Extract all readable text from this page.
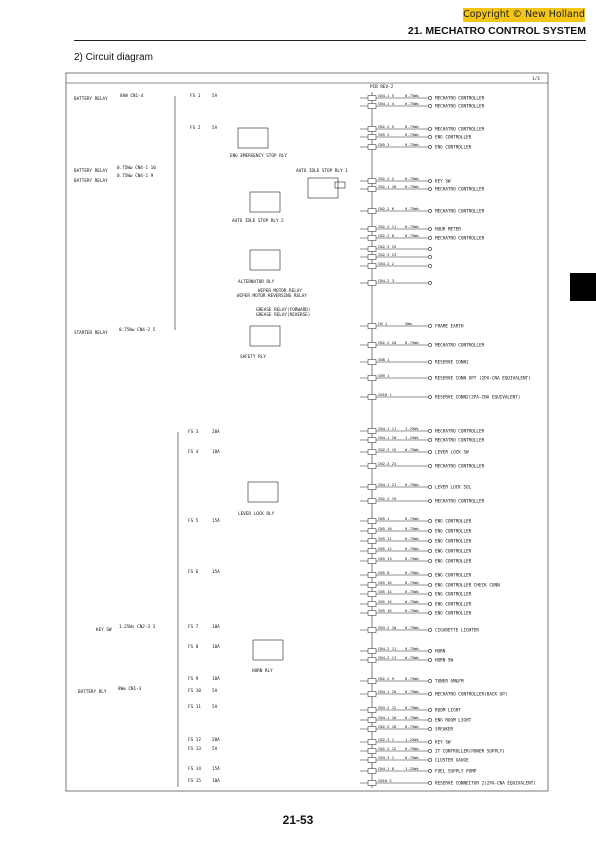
Copyright © New Holland
21. MECHATRO CONTROL SYSTEM
2) Circuit diagram
1/3
PCB REV-2
BATTERY RELAY
8AW CN1-4
BATTERY RELAY
0.75Ww CN4-1 10
BATTERY RELAY
0.75Ww CN4-1 9
STARTER RELAY
0.75Ww CN4-2 5
KEY SW
1.25Ws CN2-3 3
BATTERY RLY
8Ww CN1-3
FS 1	5A
FS 2	5A
FS 3	20A
FS 4	10A
FS 5	15A
FS 6	15A
FS 7	10A
FS 8	10A
FS 9	10A
FS 10	5A
FS 11	5A
FS 12	20A
FS 13	5A
FS 14	15A
FS 15	10A
ENG EMERGENCY STOP RLY
AUTO IDLE STOP RLY 1
AUTO IDLE STOP RLY 2
ALTERNATOR RLY
WIPER MOTOR RELAY
WIPER MOTOR REVERSING RELAY
GREASE RELAY(FORWARD)
GREASE RELAY(REVERSE)
SAFETY RLY
LEVER LOCK RLY
HORN RLY
CN4-1 5	0.75Ww
MECHATRO CONTROLLER
CN4-1 4	0.75Ww
MECHATRO CONTROLLER
CN2-2 5	0.75Ww
MECHATRO CONTROLLER
CN5 2	0.75Ww
ENG CONTROLLER
CN5 3	0.75Ww
ENG CONTROLLER
CN2-2 2	0.75Ww
KEY SW
CN2-1 18 0.75Ww
MECHATRO CONTROLLER
CN2-2 6	0.75Ww
MECHATRO CONTROLLER
CN2-2 11 0.75Ww
HOUR METER
CN2-2 8	0.75Ww
MECHATRO CONTROLLER
CN2-3 25
CN2-3 23
CN4-2 2
CN4-2 3
CN 1	5Ww
FRAME EARTH
CN2-2 20 0.75Ww
MECHATRO CONTROLLER
CN8 1
RESERVE CONN1
CN9 1
RESERVE CONN OPT (2PA-CNA EQUIVALENT)
CN10 1
RESERVE CONN2(2PA-CNA EQUIVALENT)
CN4-1 11 1.25Ws
MECHATRO CONTROLLER
CN4-1 20 1.25Ws
MECHATRO CONTROLLER
CN2-3 15 0.75Ww
LEVER LOCK SW
CN2-3 23
MECHATRO CONTROLLER
CN4-1 21 0.75Ww
LEVER LOCK SOL
CN2-2 19
MECHATRO CONTROLLER
CN5 1	0.75Ww
ENG CONTROLLER
CN5 10	0.75Ww
ENG CONTROLLER
CN5 11	0.75Ww
ENG CONTROLLER
CN5 12	0.75Ww
ENG CONTROLLER
CN5 13	0.75Ww
ENG CONTROLLER
CN5 8	0.75Ww
ENG CONTROLLER
CN5 16	0.75Ww
ENG CONTROLLER CHECK CONN
CN5 14	0.75Ww
ENG CONTROLLER
CN5 15	0.75Ww
ENG CONTROLLER
CN5 16	0.75Ww
ENG CONTROLLER
CN3-2 10 0.75Ww
CIGARETTE LIGHTER
CN4-2 11 0.75Ww
HORN
CN4-2 11 0.75Ww
HORN SW
CN2-2 9	0.75Ww
TUNER AM&FM
CN4-1 20 0.75Ww
MECHATRO CONTROLLER(BACK UP)
CN3-2 12 0.75Ww
ROOM LIGHT
CN4-1 10 0.75Ww
ENG ROOM LIGHT
CN2-2 18 0.75Ww
SPEAKER
CN2-3 1	1.25Ws
KEY SW
CN2-2 12 0.75Ww
IT CONTROLLER(POWER SUPPLY)
CN3-3 1	0.75Ww
CLUSTER GAUGE
CN4-1 8	1.25Ws
FUEL SUPPLY PUMP
CN10 2
RESERVE CONNECTOR 2(2PA-CNA EQUIVALENT)
21-53
